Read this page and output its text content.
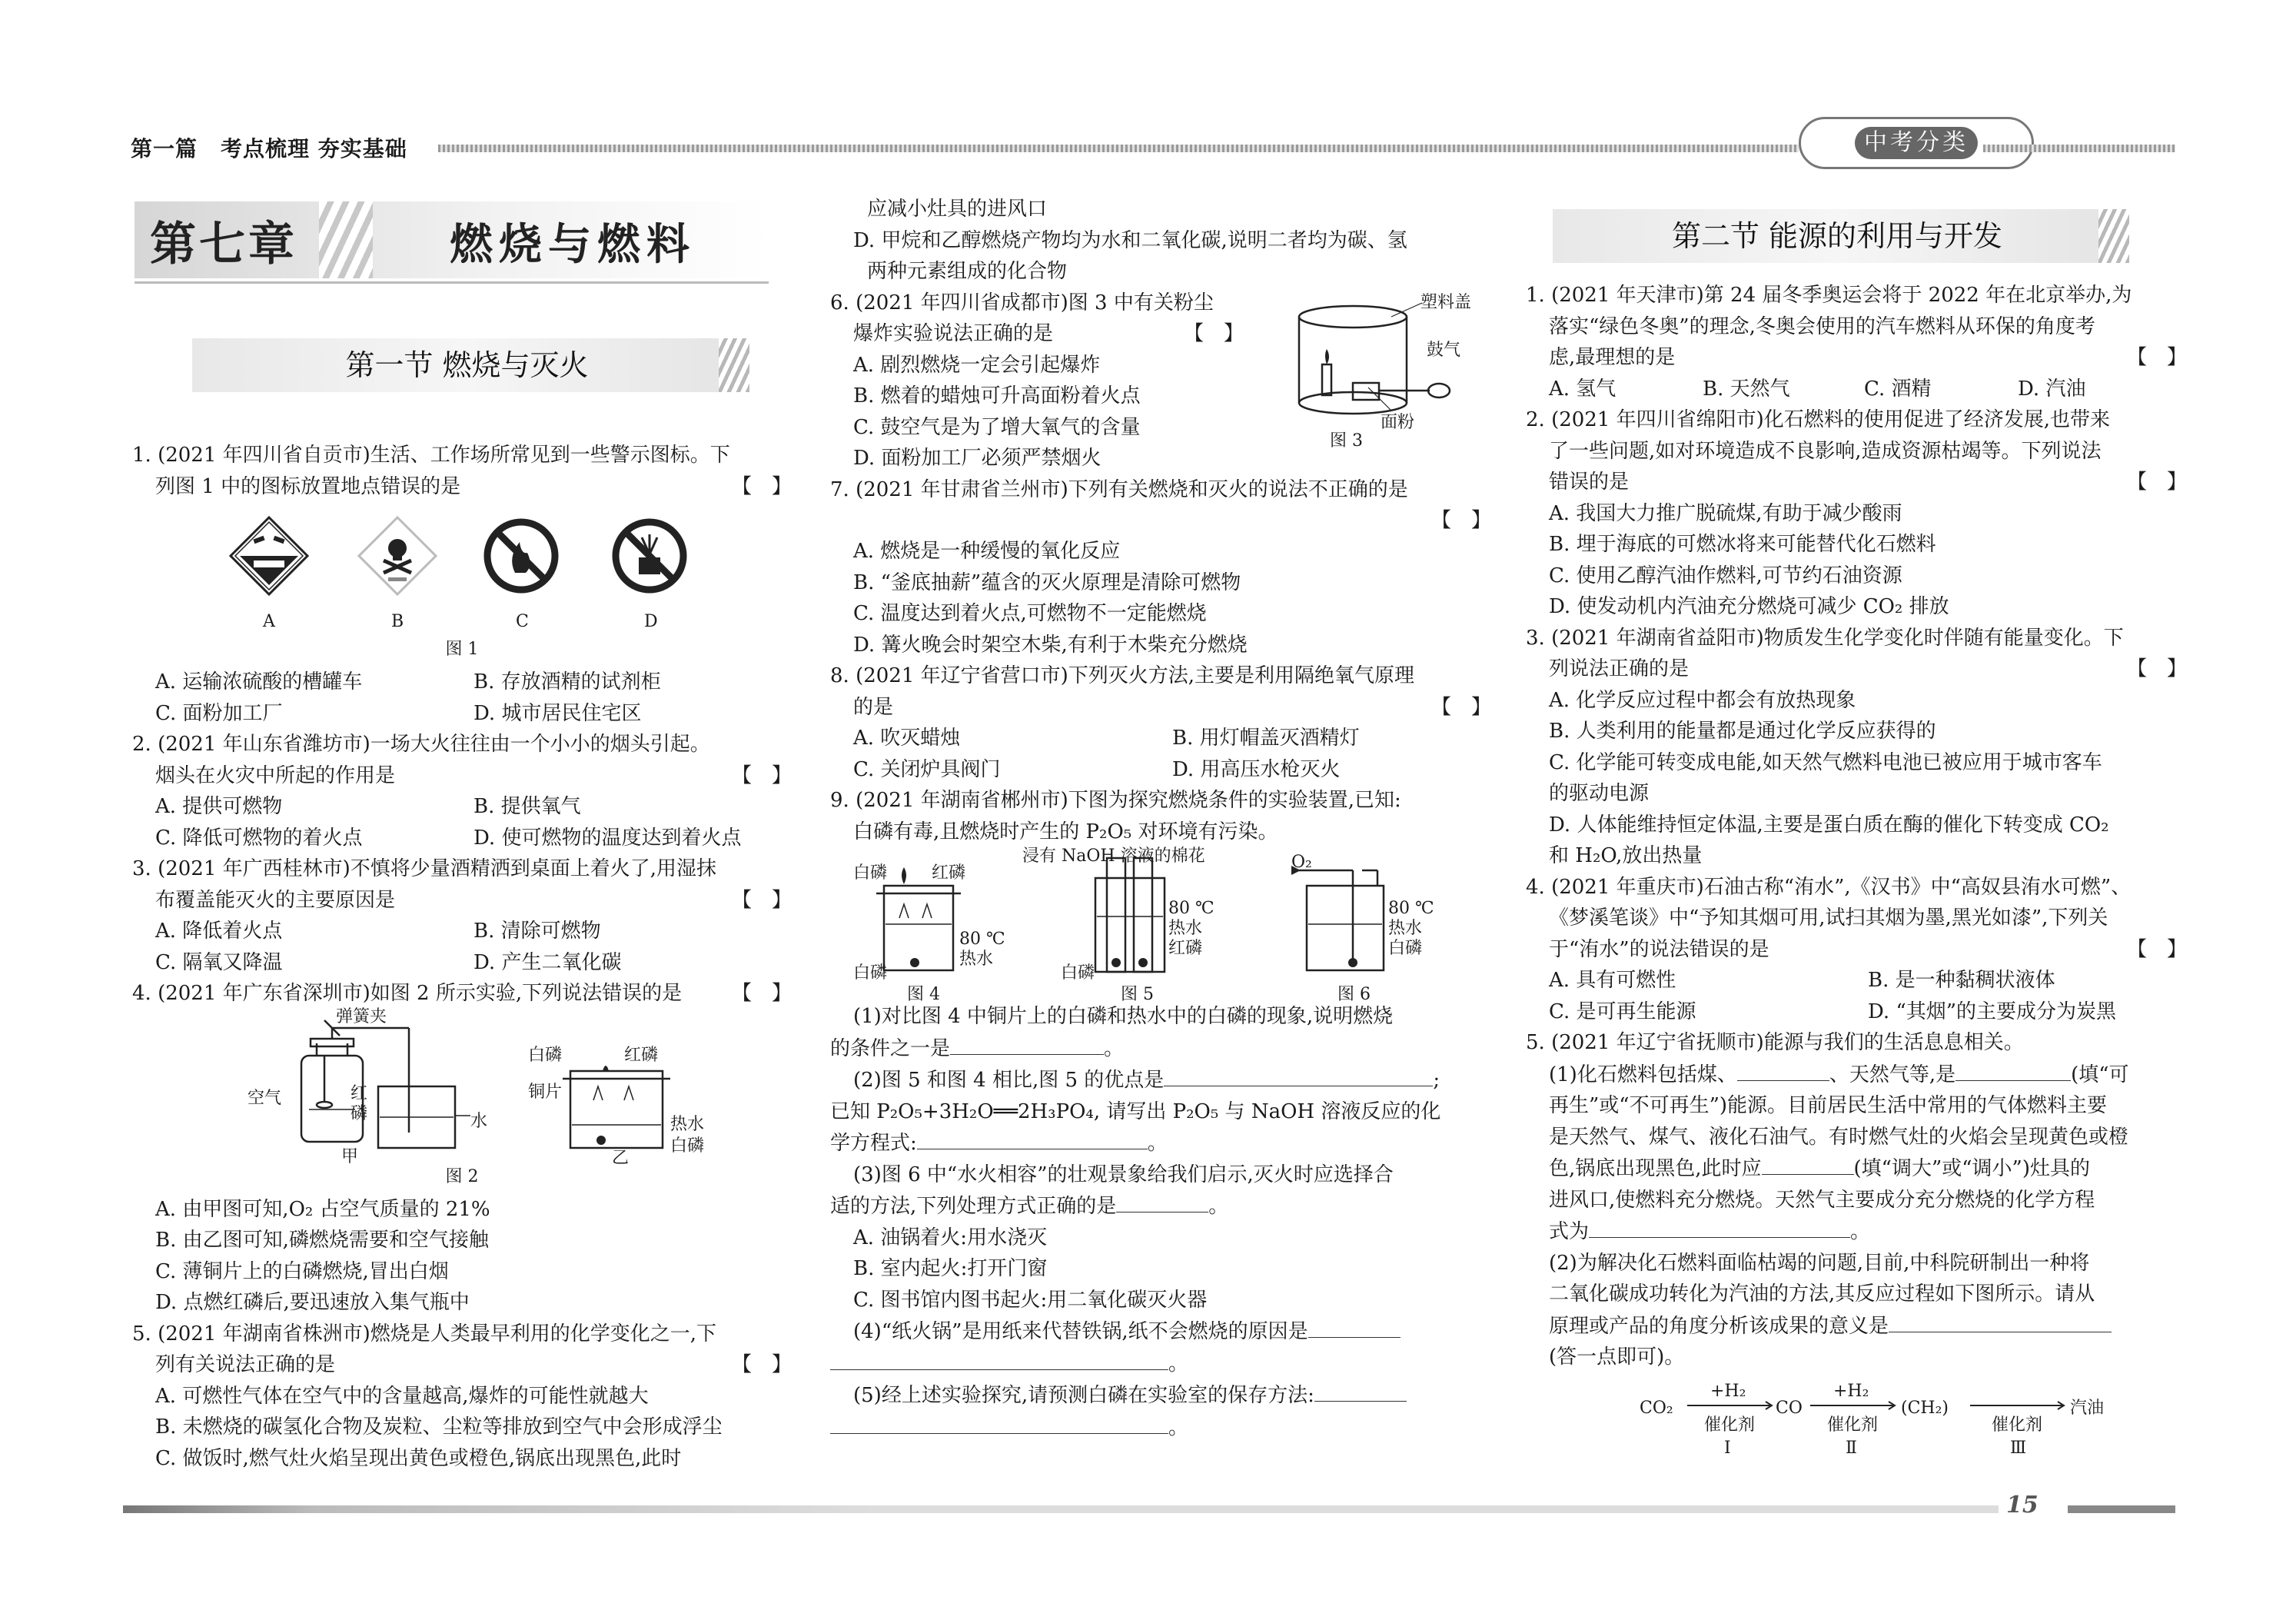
第一篇 考点梳理 夯实基础	中考分类
第七章	燃烧与燃料
第一节 燃烧与灭火

1. (2021 年四川省自贡市)生活、工作场所常见到一些警示图标。下

列图 1 中的图标放置地点错误的是	【　】

A	B	C	D

图 1

A. 运输浓硫酸的槽罐车	B. 存放酒精的试剂柜

C. 面粉加工厂	D. 城市居民住宅区

2. (2021 年山东省潍坊市)一场大火往往由一个小小的烟头引起。

烟头在火灾中所起的作用是	【　】

A. 提供可燃物	B. 提供氧气

C. 降低可燃物的着火点	D. 使可燃物的温度达到着火点

3. (2021 年广西桂林市)不慎将少量酒精洒到桌面上着火了,用湿抹

布覆盖能灭火的主要原因是	【　】

A. 降低着火点	B. 清除可燃物

C. 隔氧又降温	D. 产生二氧化碳

4. (2021 年广东省深圳市)如图 2 所示实验,下列说法错误的是 【　】

弹簧夹
空气	红
磷	水
甲
白磷	红磷
铜片
热水
白磷
乙

图 2

A. 由甲图可知,O₂ 占空气质量的 21%

B. 由乙图可知,磷燃烧需要和空气接触

C. 薄铜片上的白磷燃烧,冒出白烟

D. 点燃红磷后,要迅速放入集气瓶中

5. (2021 年湖南省株洲市)燃烧是人类最早利用的化学变化之一,下

列有关说法正确的是	【　】

A. 可燃性气体在空气中的含量越高,爆炸的可能性就越大

B. 未燃烧的碳氢化合物及炭粒、尘粒等排放到空气中会形成浮尘

C. 做饭时,燃气灶火焰呈现出黄色或橙色,锅底出现黑色,此时

应减小灶具的进风口

D. 甲烷和乙醇燃烧产物均为水和二氧化碳,说明二者均为碳、氢

两种元素组成的化合物

6. (2021 年四川省成都市)图 3 中有关粉尘

爆炸实验说法正确的是	【　】

A. 剧烈燃烧一定会引起爆炸

B. 燃着的蜡烛可升高面粉着火点

C. 鼓空气是为了增大氧气的含量

D. 面粉加工厂必须严禁烟火

塑料盖
鼓气
面粉
图 3

7. (2021 年甘肃省兰州市)下列有关燃烧和灭火的说法不正确的是

【　】

A. 燃烧是一种缓慢的氧化反应

B. “釜底抽薪”蕴含的灭火原理是清除可燃物

C. 温度达到着火点,可燃物不一定能燃烧

D. 篝火晚会时架空木柴,有利于木柴充分燃烧

8. (2021 年辽宁省营口市)下列灭火方法,主要是利用隔绝氧气原理

的是	【　】

A. 吹灭蜡烛	B. 用灯帽盖灭酒精灯

C. 关闭炉具阀门	D. 用高压水枪灭火

9. (2021 年湖南省郴州市)下图为探究燃烧条件的实验装置,已知:

白磷有毒,且燃烧时产生的 P₂O₅ 对环境有污染。

白磷	红磷
80 ℃
热水
白磷
浸有 NaOH 溶液的棉花
80 ℃
热水
红磷
白磷
O₂
80 ℃
热水
白磷
图 4	图 5	图 6

(1)对比图 4 中铜片上的白磷和热水中的白磷的现象,说明燃烧

的条件之一是	。

(2)图 5 和图 4 相比,图 5 的优点是	;

已知 P₂O₅+3H₂O══2H₃PO₄, 请写出 P₂O₅ 与 NaOH 溶液反应的化

学方程式:	。

(3)图 6 中“水火相容”的壮观景象给我们启示,灭火时应选择合

适的方法,下列处理方式正确的是	。

A. 油锅着火:用水浇灭

B. 室内起火:打开门窗

C. 图书馆内图书起火:用二氧化碳灭火器

(4)“纸火锅”是用纸来代替铁锅,纸不会燃烧的原因是

。

(5)经上述实验探究,请预测白磷在实验室的保存方法:

。

第二节 能源的利用与开发

1. (2021 年天津市)第 24 届冬季奥运会将于 2022 年在北京举办,为

落实“绿色冬奥”的理念,冬奥会使用的汽车燃料从环保的角度考

虑,最理想的是	【　】

A. 氢气	B. 天然气	C. 酒精	D. 汽油

2. (2021 年四川省绵阳市)化石燃料的使用促进了经济发展,也带来

了一些问题,如对环境造成不良影响,造成资源枯竭等。下列说法

错误的是	【　】

A. 我国大力推广脱硫煤,有助于减少酸雨

B. 埋于海底的可燃冰将来可能替代化石燃料

C. 使用乙醇汽油作燃料,可节约石油资源

D. 使发动机内汽油充分燃烧可减少 CO₂ 排放

3. (2021 年湖南省益阳市)物质发生化学变化时伴随有能量变化。下

列说法正确的是	【　】

A. 化学反应过程中都会有放热现象

B. 人类利用的能量都是通过化学反应获得的

C. 化学能可转变成电能,如天然气燃料电池已被应用于城市客车

的驱动电源

D. 人体能维持恒定体温,主要是蛋白质在酶的催化下转变成 CO₂

和 H₂O,放出热量

4. (2021 年重庆市)石油古称“洧水”,《汉书》中“高奴县洧水可燃”、

《梦溪笔谈》中“予知其烟可用,试扫其烟为墨,黑光如漆”,下列关

于“洧水”的说法错误的是	【　】

A. 具有可燃性	B. 是一种黏稠状液体

C. 是可再生能源	D. “其烟”的主要成分为炭黑

5. (2021 年辽宁省抚顺市)能源与我们的生活息息相关。

(1)化石燃料包括煤、	、天然气等,是	(填“可

再生”或“不可再生”)能源。目前居民生活中常用的气体燃料主要

是天然气、煤气、液化石油气。有时燃气灶的火焰会呈现黄色或橙

色,锅底出现黑色,此时应	(填“调大”或“调小”)灶具的

进风口,使燃料充分燃烧。天然气主要成分充分燃烧的化学方程

式为	。

(2)为解决化石燃料面临枯竭的问题,目前,中科院研制出一种将

二氧化碳成功转化为汽油的方法,其反应过程如下图所示。请从

原理或产品的角度分析该成果的意义是

(答一点即可)。

CO₂
+H₂
催化剂
CO
+H₂
催化剂
(CH₂)
催化剂
汽油
Ⅰ	Ⅱ	Ⅲ
15
